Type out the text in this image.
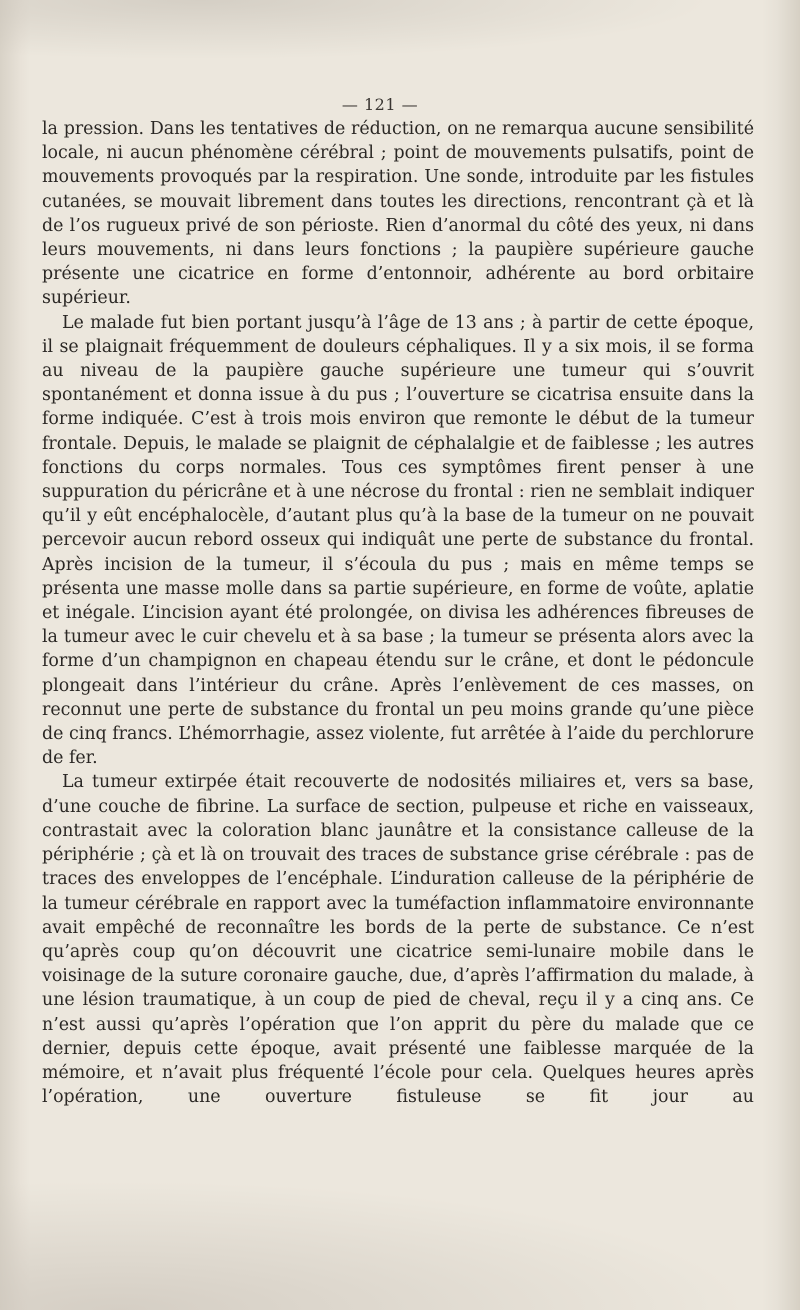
— 121 —

la pression. Dans les tentatives de réduction, on ne remarqua aucune sensibilité locale, ni aucun phénomène cérébral ; point de mouvements pulsatifs, point de mouvements provoqués par la respiration. Une sonde, introduite par les fistules cutanées, se mouvait librement dans toutes les directions, rencontrant çà et là de l’os rugueux privé de son périoste. Rien d’anormal du côté des yeux, ni dans leurs mouvements, ni dans leurs fonctions ; la paupière supérieure gauche présente une cicatrice en forme d’entonnoir, adhérente au bord orbitaire supérieur.

Le malade fut bien portant jusqu’à l’âge de 13 ans ; à partir de cette époque, il se plaignait fréquemment de douleurs céphaliques. Il y a six mois, il se forma au niveau de la paupière gauche supérieure une tumeur qui s’ouvrit spontanément et donna issue à du pus ; l’ouverture se cicatrisa ensuite dans la forme indiquée. C’est à trois mois environ que remonte le début de la tumeur frontale. Depuis, le malade se plaignit de céphalalgie et de faiblesse ; les autres fonctions du corps normales. Tous ces symptômes firent penser à une suppuration du péricrâne et à une nécrose du frontal : rien ne semblait indiquer qu’il y eût encéphalocèle, d’autant plus qu’à la base de la tumeur on ne pouvait percevoir aucun rebord osseux qui indiquât une perte de substance du frontal. Après incision de la tumeur, il s’écoula du pus ; mais en même temps se présenta une masse molle dans sa partie supérieure, en forme de voûte, aplatie et inégale. L’incision ayant été prolongée, on divisa les adhérences fibreuses de la tumeur avec le cuir chevelu et à sa base ; la tumeur se présenta alors avec la forme d’un champignon en chapeau étendu sur le crâne, et dont le pédoncule plongeait dans l’intérieur du crâne. Après l’enlèvement de ces masses, on reconnut une perte de substance du frontal un peu moins grande qu’une pièce de cinq francs. L’hémorrhagie, assez violente, fut arrêtée à l’aide du perchlorure de fer.

La tumeur extirpée était recouverte de nodosités miliaires et, vers sa base, d’une couche de fibrine. La surface de section, pulpeuse et riche en vaisseaux, contrastait avec la coloration blanc jaunâtre et la consistance calleuse de la périphérie ; çà et là on trouvait des traces de substance grise cérébrale : pas de traces des enveloppes de l’encéphale. L’induration calleuse de la périphérie de la tumeur cérébrale en rapport avec la tuméfaction inflammatoire environnante avait empêché de reconnaître les bords de la perte de substance. Ce n’est qu’après coup qu’on découvrit une cicatrice semi-lunaire mobile dans le voisinage de la suture coronaire gauche, due, d’après l’affirmation du malade, à une lésion traumatique, à un coup de pied de cheval, reçu il y a cinq ans. Ce n’est aussi qu’après l’opération que l’on apprit du père du malade que ce dernier, depuis cette époque, avait présenté une faiblesse marquée de la mémoire, et n’avait plus fréquenté l’école pour cela. Quelques heures après l’opération, une ouverture fistuleuse se fit jour au
